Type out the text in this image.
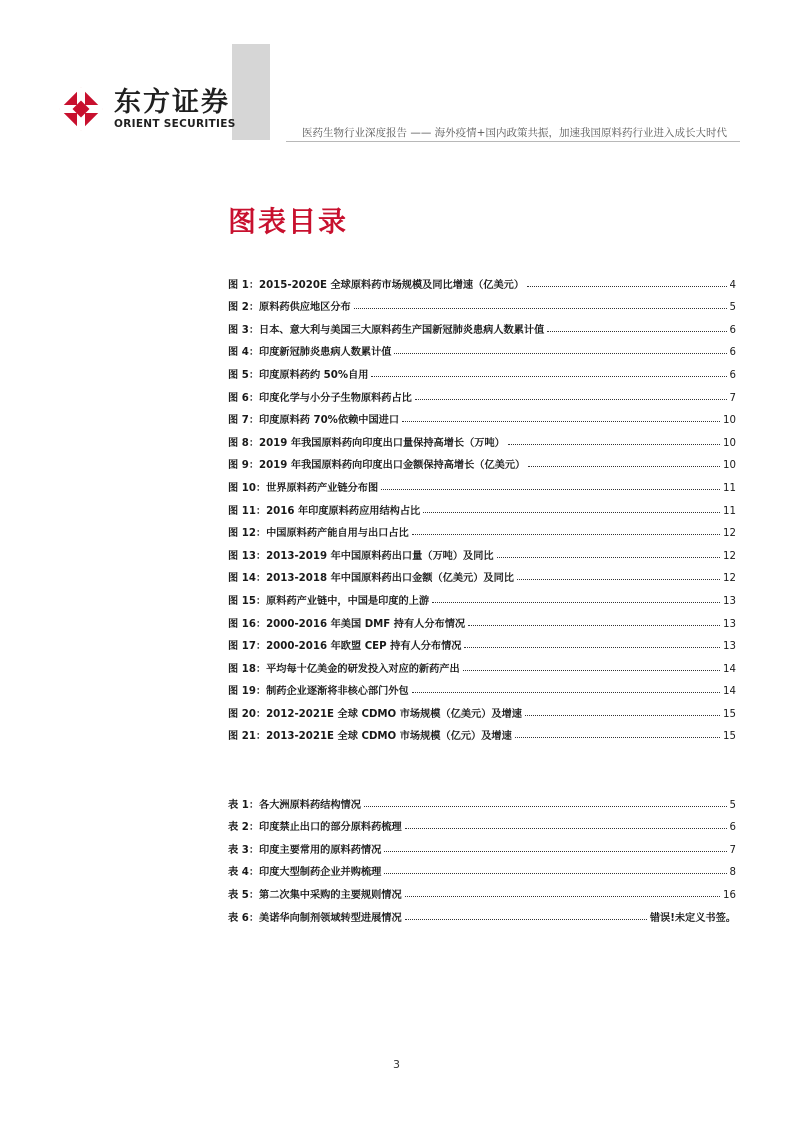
东方证券
ORIENT SECURITIES
医药生物行业深度报告 —— 海外疫情+国内政策共振，加速我国原料药行业进入成长大时代
图表目录
图 1：2015-2020E 全球原料药市场规模及同比增速（亿美元）	4
图 2：原料药供应地区分布	5
图 3：日本、意大利与美国三大原料药生产国新冠肺炎患病人数累计值	6
图 4：印度新冠肺炎患病人数累计值	6
图 5：印度原料药约 50%自用	6
图 6：印度化学与小分子生物原料药占比	7
图 7：印度原料药 70%依赖中国进口	10
图 8：2019 年我国原料药向印度出口量保持高增长（万吨）	10
图 9：2019 年我国原料药向印度出口金额保持高增长（亿美元）	10
图 10：世界原料药产业链分布图	11
图 11：2016 年印度原料药应用结构占比	11
图 12：中国原料药产能自用与出口占比	12
图 13：2013-2019 年中国原料药出口量（万吨）及同比	12
图 14：2013-2018 年中国原料药出口金额（亿美元）及同比	12
图 15：原料药产业链中，中国是印度的上游	13
图 16：2000-2016 年美国 DMF 持有人分布情况	13
图 17：2000-2016 年欧盟 CEP 持有人分布情况	13
图 18：平均每十亿美金的研发投入对应的新药产出	14
图 19：制药企业逐渐将非核心部门外包	14
图 20：2012-2021E 全球 CDMO 市场规模（亿美元）及增速	15
图 21：2013-2021E 全球 CDMO 市场规模（亿元）及增速	15
表 1：各大洲原料药结构情况	5
表 2：印度禁止出口的部分原料药梳理	6
表 3：印度主要常用的原料药情况	7
表 4：印度大型制药企业并购梳理	8
表 5：第二次集中采购的主要规则情况	16
表 6：美诺华向制剂领域转型进展情况	错误!未定义书签。
3
